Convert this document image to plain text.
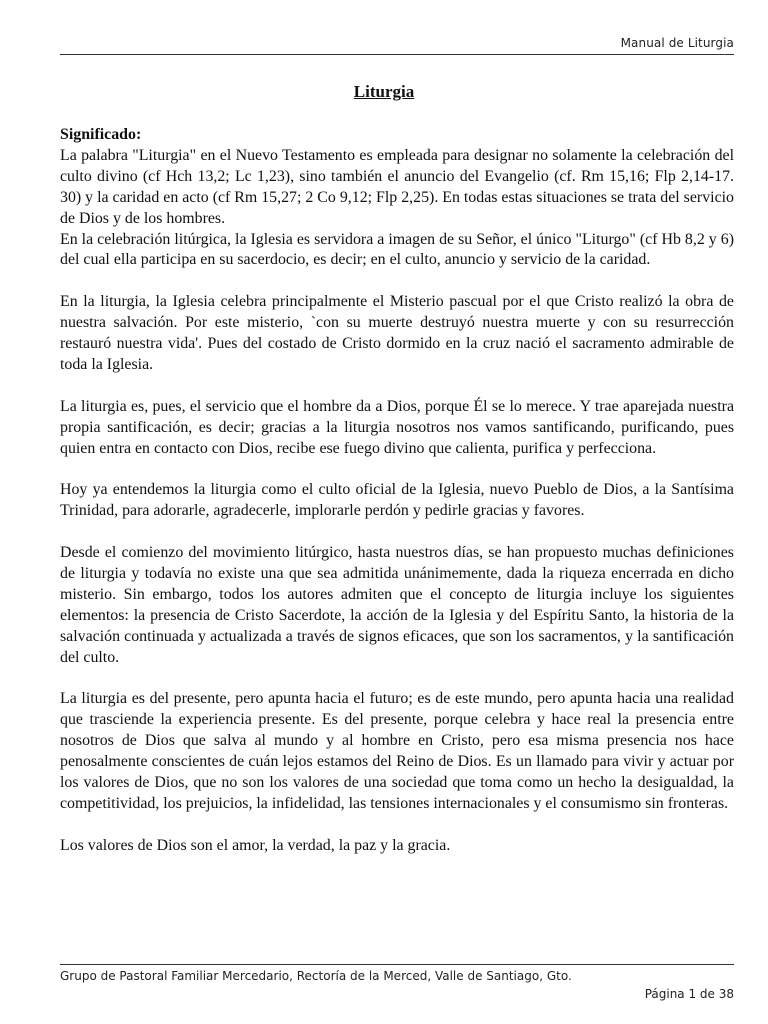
Manual de Liturgia
Liturgia
Significado:

La palabra "Liturgia" en el Nuevo Testamento es empleada para designar no solamente la celebración del culto divino (cf Hch 13,2; Lc 1,23), sino también el anuncio del Evangelio (cf. Rm 15,16; Flp 2,14-17. 30) y la caridad en acto (cf Rm 15,27; 2 Co 9,12; Flp 2,25). En todas estas situaciones se trata del servicio de Dios y de los hombres.

En la celebración litúrgica, la Iglesia es servidora a imagen de su Señor, el único "Liturgo" (cf Hb 8,2 y 6) del cual ella participa en su sacerdocio, es decir; en el culto, anuncio y servicio de la caridad.

En la liturgia, la Iglesia celebra principalmente el Misterio pascual por el que Cristo realizó la obra de nuestra salvación. Por este misterio, `con su muerte destruyó nuestra muerte y con su resurrección restauró nuestra vida'. Pues del costado de Cristo dormido en la cruz nació el sacramento admirable de toda la Iglesia.

La liturgia es, pues, el servicio que el hombre da a Dios, porque Él se lo merece. Y trae aparejada nuestra propia santificación, es decir; gracias a la liturgia nosotros nos vamos santificando, purificando, pues quien entra en contacto con Dios, recibe ese fuego divino que calienta, purifica y perfecciona.

Hoy ya entendemos la liturgia como el culto oficial de la Iglesia, nuevo Pueblo de Dios, a la Santísima Trinidad, para adorarle, agradecerle, implorarle perdón y pedirle gracias y favores.

Desde el comienzo del movimiento litúrgico, hasta nuestros días, se han propuesto muchas definiciones de liturgia y todavía no existe una que sea admitida unánimemente, dada la riqueza encerrada en dicho misterio. Sin embargo, todos los autores admiten que el concepto de liturgia incluye los siguientes elementos: la presencia de Cristo Sacerdote, la acción de la Iglesia y del Espíritu Santo, la historia de la salvación continuada y actualizada a través de signos eficaces, que son los sacramentos, y la santificación del culto.

La liturgia es del presente, pero apunta hacia el futuro; es de este mundo, pero apunta hacia una realidad que trasciende la experiencia presente. Es del presente, porque celebra y hace real la presencia entre nosotros de Dios que salva al mundo y al hombre en Cristo, pero esa misma presencia nos hace penosalmente conscientes de cuán lejos estamos del Reino de Dios. Es un llamado para vivir y actuar por los valores de Dios, que no son los valores de una sociedad que toma como un hecho la desigualdad, la competitividad, los prejuicios, la infidelidad, las tensiones internacionales y el consumismo sin fronteras.

Los valores de Dios son el amor, la verdad, la paz y la gracia.

Grupo de Pastoral Familiar Mercedario, Rectoría de la Merced, Valle de Santiago, Gto.
Página 1 de 38
